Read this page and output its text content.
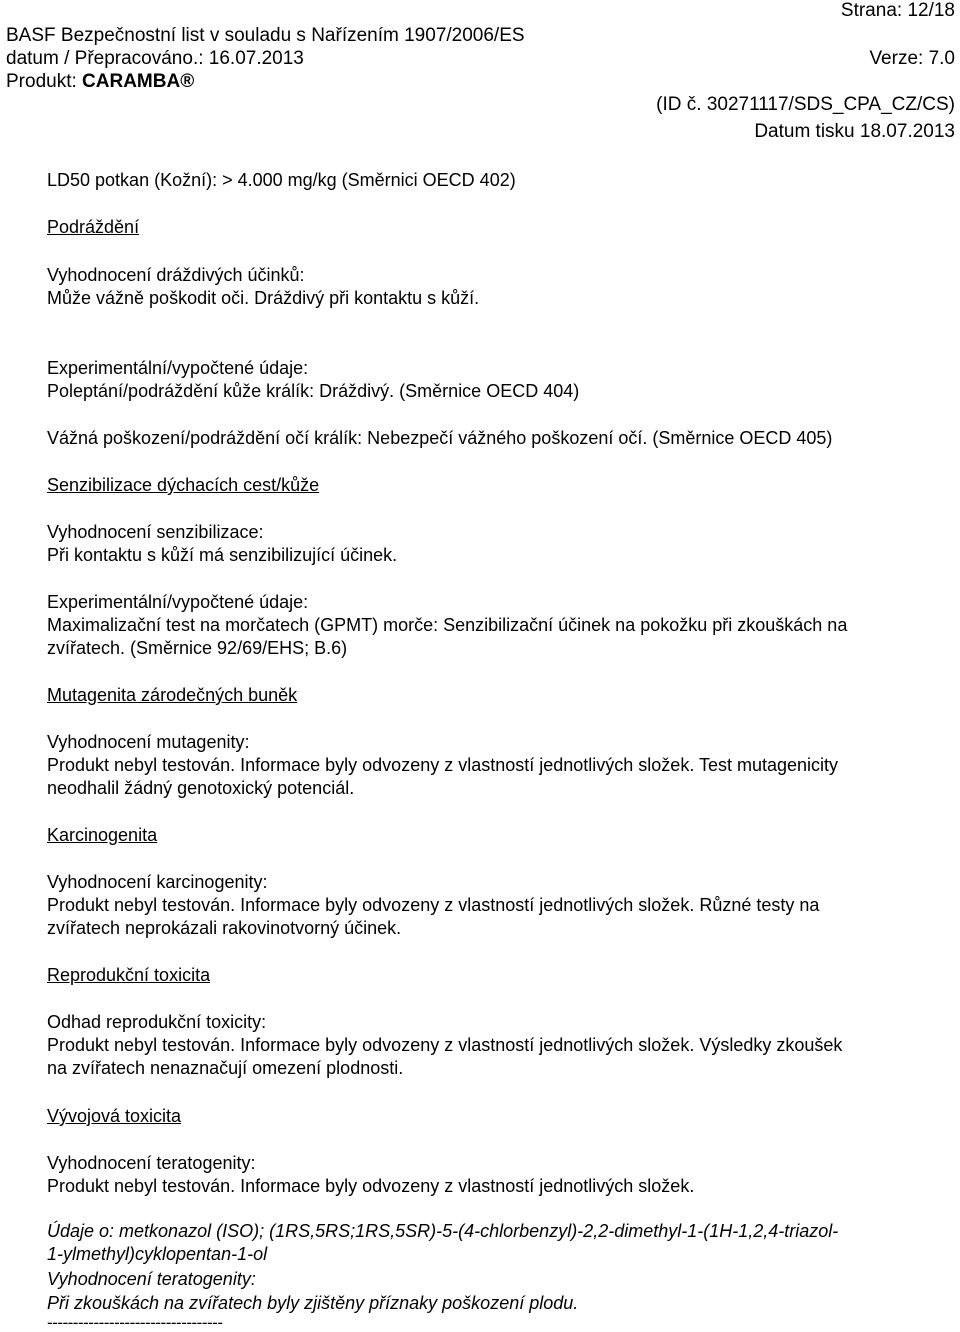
Strana: 12/18
BASF Bezpečnostní list v souladu s Nařízením 1907/2006/ES
datum / Přepracováno.: 16.07.2013	Verze: 7.0
Produkt: CARAMBA®
(ID č. 30271117/SDS_CPA_CZ/CS)
Datum tisku 18.07.2013
LD50 potkan (Kožní): > 4.000 mg/kg (Směrnici OECD 402)
Podráždění
Vyhodnocení dráždivých účinků:
Může vážně poškodit oči. Dráždivý při kontaktu s kůží.
Experimentální/vypočtené údaje:
Poleptání/podráždění kůže králík: Dráždivý. (Směrnice OECD 404)
Vážná poškození/podráždění očí králík: Nebezpečí vážného poškození očí. (Směrnice OECD 405)
Senzibilizace dýchacích cest/kůže
Vyhodnocení senzibilizace:
Při kontaktu s kůží má senzibilizující účinek.
Experimentální/vypočtené údaje:
Maximalizační test na morčatech (GPMT) morče: Senzibilizační účinek na pokožku při zkouškách na
zvířatech. (Směrnice 92/69/EHS; B.6)
Mutagenita zárodečných buněk
Vyhodnocení mutagenity:
Produkt nebyl testován. Informace byly odvozeny z vlastností jednotlivých složek. Test mutagenicity
neodhalil žádný genotoxický potenciál.
Karcinogenita
Vyhodnocení karcinogenity:
Produkt nebyl testován. Informace byly odvozeny z vlastností jednotlivých složek. Různé testy na
zvířatech neprokázali rakovinotvorný účinek.
Reprodukční toxicita
Odhad reprodukční toxicity:
Produkt nebyl testován. Informace byly odvozeny z vlastností jednotlivých složek. Výsledky zkoušek
na zvířatech nenaznačují omezení plodnosti.
Vývojová toxicita
Vyhodnocení teratogenity:
Produkt nebyl testován. Informace byly odvozeny z vlastností jednotlivých složek.
Údaje o: metkonazol (ISO); (1RS,5RS;1RS,5SR)-5-(4-chlorbenzyl)-2,2-dimethyl-1-(1H-1,2,4-triazol-
1-ylmethyl)cyklopentan-1-ol
Vyhodnocení teratogenity:
Při zkouškách na zvířatech byly zjištěny příznaky poškození plodu.
----------------------------------
